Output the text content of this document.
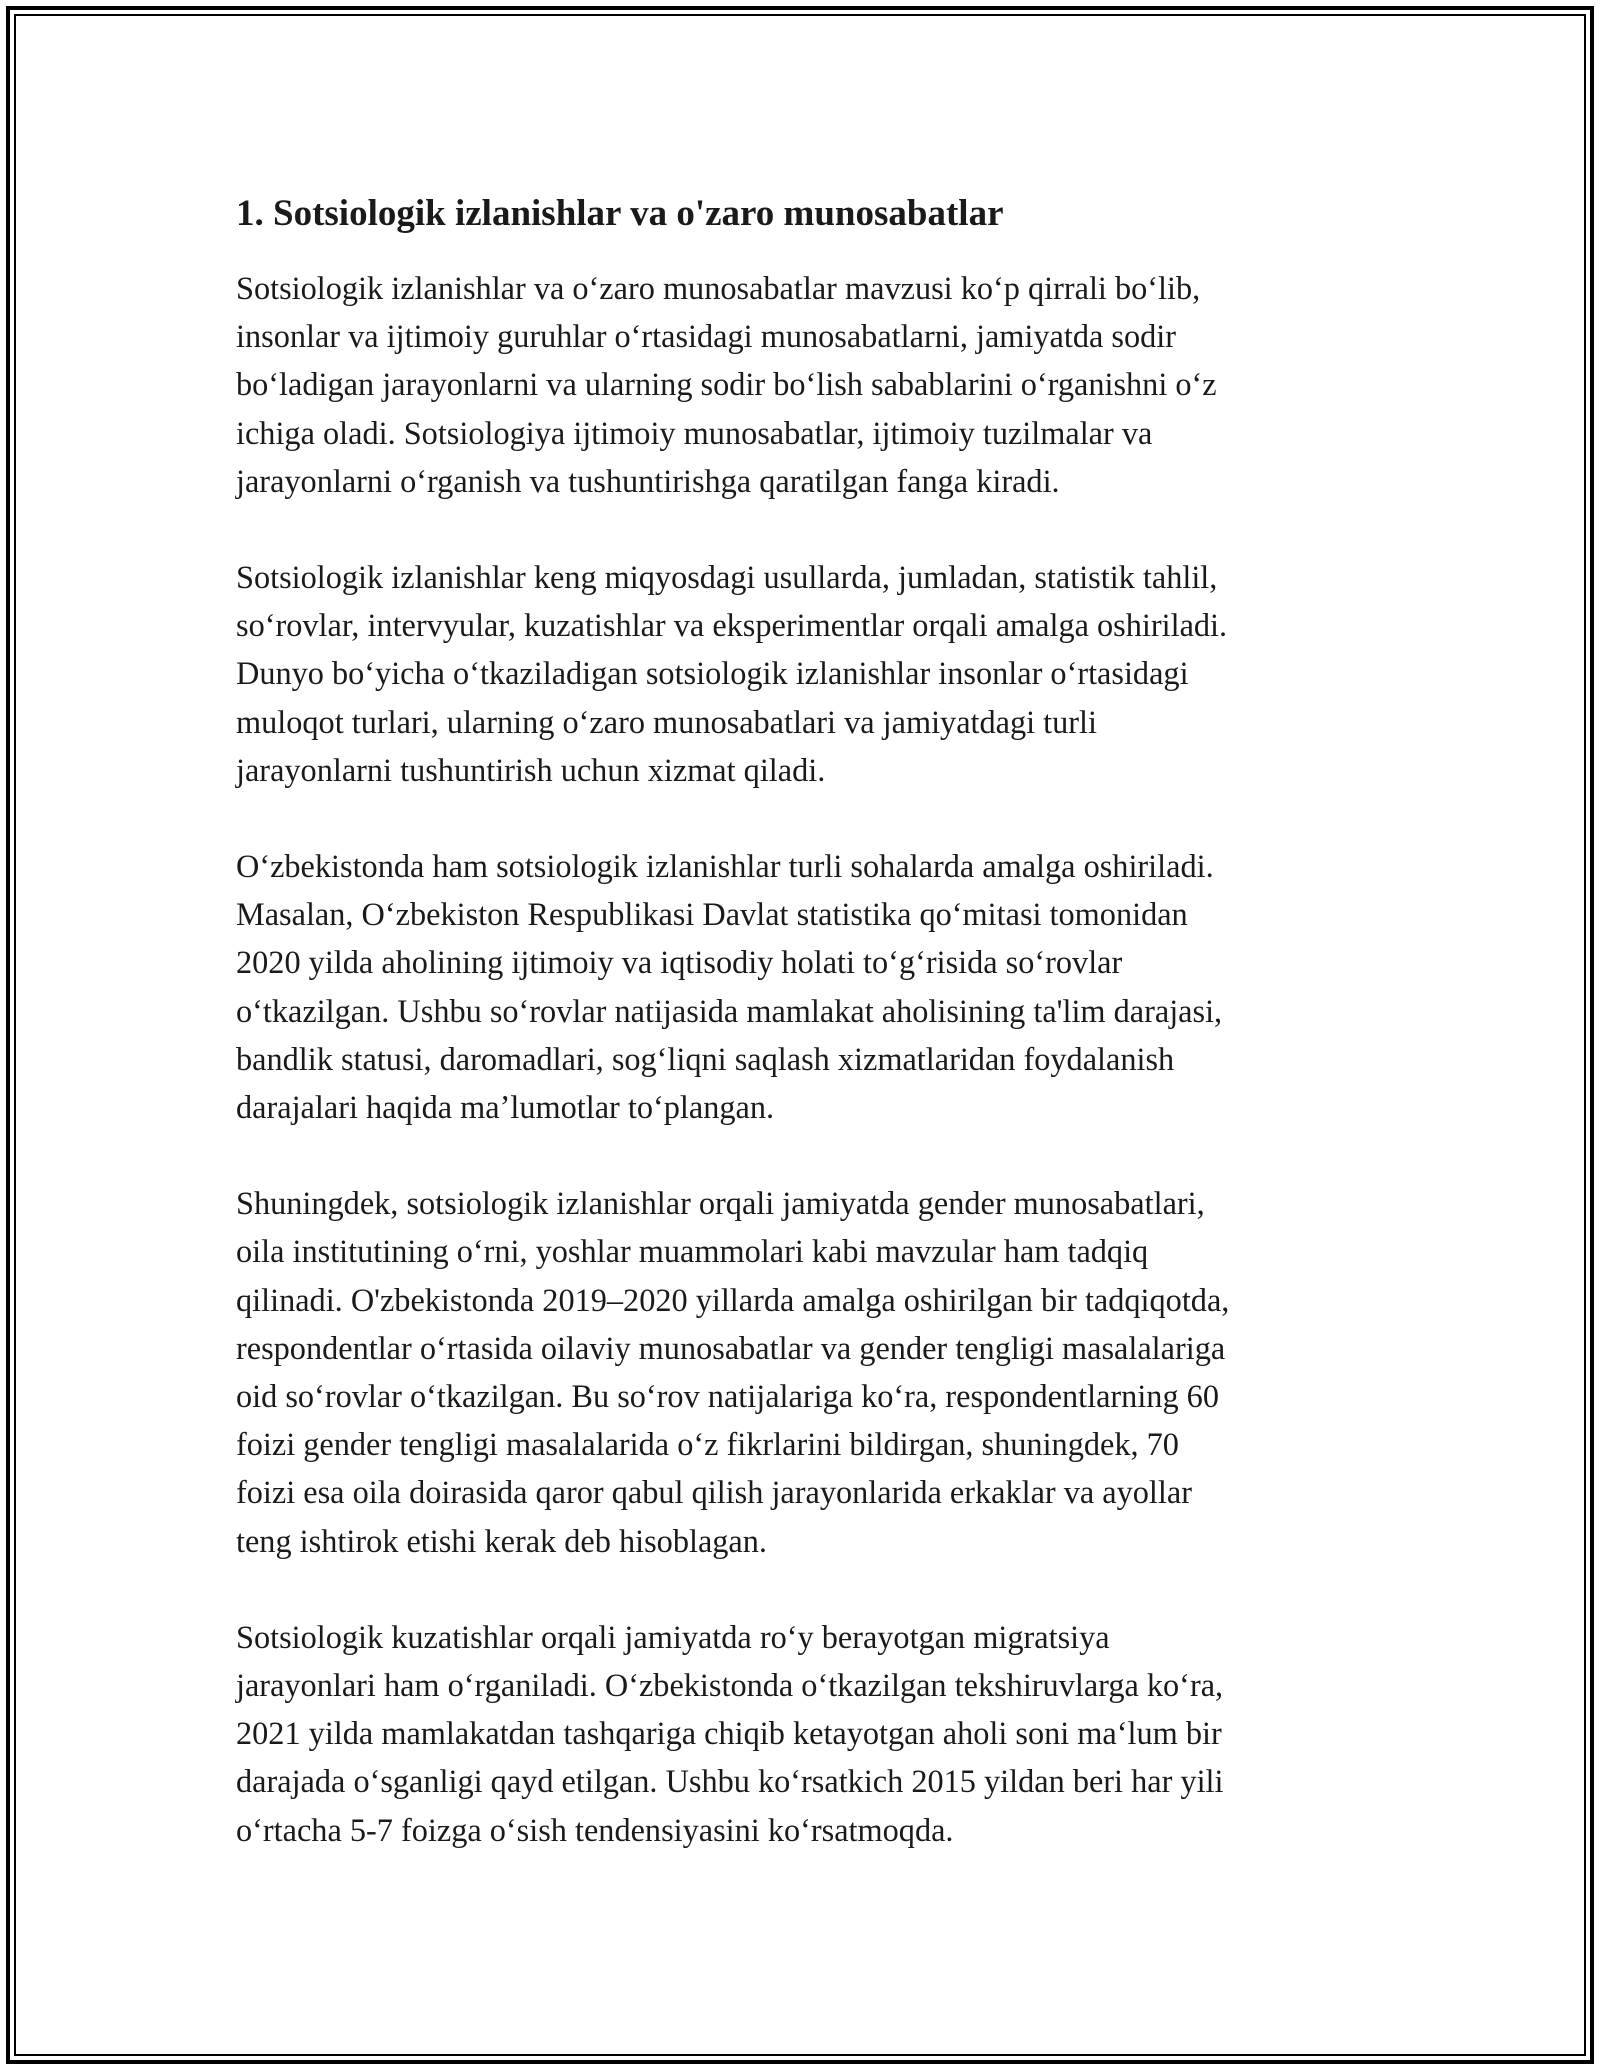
1. Sotsiologik izlanishlar va o'zaro munosabatlar

Sotsiologik izlanishlar va oʻzaro munosabatlar mavzusi koʻp qirrali boʻlib,
insonlar va ijtimoiy guruhlar oʻrtasidagi munosabatlarni, jamiyatda sodir
boʻladigan jarayonlarni va ularning sodir boʻlish sabablarini oʻrganishni oʻz
ichiga oladi. Sotsiologiya ijtimoiy munosabatlar, ijtimoiy tuzilmalar va
jarayonlarni oʻrganish va tushuntirishga qaratilgan fanga kiradi.

Sotsiologik izlanishlar keng miqyosdagi usullarda, jumladan, statistik tahlil,
soʻrovlar, intervyular, kuzatishlar va eksperimentlar orqali amalga oshiriladi.
Dunyo boʻyicha oʻtkaziladigan sotsiologik izlanishlar insonlar oʻrtasidagi
muloqot turlari, ularning oʻzaro munosabatlari va jamiyatdagi turli
jarayonlarni tushuntirish uchun xizmat qiladi.

Oʻzbekistonda ham sotsiologik izlanishlar turli sohalarda amalga oshiriladi.
Masalan, Oʻzbekiston Respublikasi Davlat statistika qoʻmitasi tomonidan
2020 yilda aholining ijtimoiy va iqtisodiy holati toʻgʻrisida soʻrovlar
oʻtkazilgan. Ushbu soʻrovlar natijasida mamlakat aholisining ta'lim darajasi,
bandlik statusi, daromadlari, sogʻliqni saqlash xizmatlaridan foydalanish
darajalari haqida maʼlumotlar toʻplangan.

Shuningdek, sotsiologik izlanishlar orqali jamiyatda gender munosabatlari,
oila institutining oʻrni, yoshlar muammolari kabi mavzular ham tadqiq
qilinadi. O'zbekistonda 2019–2020 yillarda amalga oshirilgan bir tadqiqotda,
respondentlar oʻrtasida oilaviy munosabatlar va gender tengligi masalalariga
oid soʻrovlar oʻtkazilgan. Bu soʻrov natijalariga koʻra, respondentlarning 60
foizi gender tengligi masalalarida oʻz fikrlarini bildirgan, shuningdek, 70
foizi esa oila doirasida qaror qabul qilish jarayonlarida erkaklar va ayollar
teng ishtirok etishi kerak deb hisoblagan.

Sotsiologik kuzatishlar orqali jamiyatda roʻy berayotgan migratsiya
jarayonlari ham oʻrganiladi. Oʻzbekistonda oʻtkazilgan tekshiruvlarga koʻra,
2021 yilda mamlakatdan tashqariga chiqib ketayotgan aholi soni maʻlum bir
darajada oʻsganligi qayd etilgan. Ushbu koʻrsatkich 2015 yildan beri har yili
oʻrtacha 5-7 foizga oʻsish tendensiyasini koʻrsatmoqda.
